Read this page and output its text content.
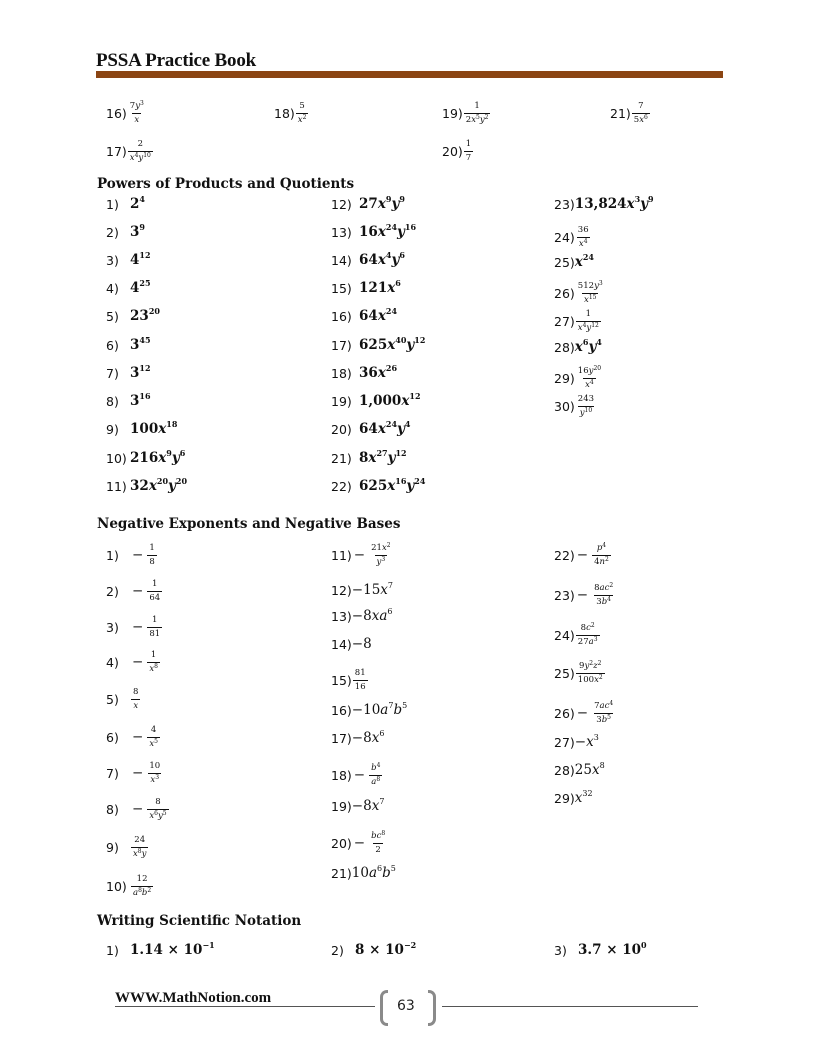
PSSA Practice Book
Powers of Products and Quotients
Negative Exponents and Negative Bases
Writing Scientific Notation
$16) \frac{7y^3}{x}$	$18) \frac{5}{x^2}$	$19) \frac{1}{2x^5y^2}$	$21) \frac{7}{5x^6}$
$17) \frac{2}{x^4y^{10}}$	$20) \frac{1}{7}$
1) $2^4$
2) $3^9$
3) $4^{12}$
4) $4^{25}$
5) $23^{20}$
6) $3^{45}$
7) $3^{12}$
8) $3^{16}$
9) $100x^{18}$
10) $216x^9y^6$
11) $32x^{20}y^{20}$
12) $27x^9y^9$
13) $16x^{24}y^{16}$
14) $64x^4y^6$
15) $121x^6$
16) $64x^{24}$
17) $625x^{40}y^{12}$
18) $36x^{26}$
19) $1,000x^{12}$
20) $64x^{24}y^4$
21) $8x^{27}y^{12}$
22) $625x^{16}y^{24}$
23) $13,824x^3y^9$
$24) \frac{36}{x^4}$
25) $x^{24}$
$26) \frac{512y^3}{x^{15}}$
$27) \frac{1}{x^4y^{12}}$
28) $x^6y^4$
$29) \frac{16y^{20}}{x^4}$
$30) \frac{243}{y^{10}}$
$1) - \frac{1}{8}$
$2) - \frac{1}{64}$
$3) - \frac{1}{81}$
$4) - \frac{1}{x^8}$
5)	$\frac{8}{x}$
$6) - \frac{4}{x^5}$
$7) - \frac{10}{x^3}$
$8) - \frac{8}{x^6y^5}$
9)	$\frac{24}{x^8y}$
$10) \frac{12}{a^8b^2}$
$11) - \frac{21x^2}{y^3}$
$12) -15x^7$
$13) -8xa^6$
14) −8
$15) \frac{81}{16}$
$16) -10a^7b^5$
$17) -8x^6$
$18) - \frac{b^4}{a^8}$
$19) -8x^7$
$20) - \frac{bc^8}{2}$
21) $10a^6b^5$
$22) - \frac{p^4}{4n^2}$
$23) - \frac{8ac^2}{3b^4}$
$24) \frac{8c^2}{27a^3}$
$25) \frac{9y^2z^2}{100x^2}$
$26) - \frac{7ac^4}{3b^5}$
$27) -x^3$
28) $25x^8$
29) $x^{32}$
1) $1.14 \times 10^{-1}$	2) $8 \times 10^{-2}$	3) $3.7 \times 10^0$
WWW.MathNotion.com	63
